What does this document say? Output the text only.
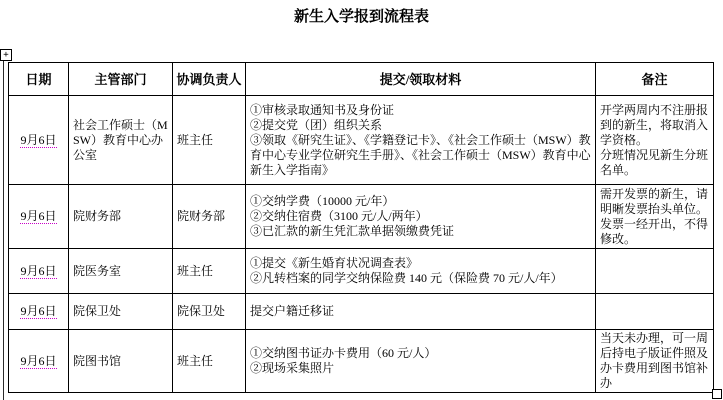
新生入学报到流程表
+
日期	主管部门	协调负责人	提交/领取材料	备注
9月6日	社会工作硕士（MSW）教育中心办公室	班主任	①审核录取通知书及身份证
②提交党（团）组织关系
③领取《研究生证》、《学籍登记卡》、《社会工作硕士（MSW）教育中心专业学位研究生手册》、《社会工作硕士（MSW）教育中心新生入学指南》	开学两周内不注册报到的新生，将取消入学资格。
分班情况见新生分班名单。

9月6日	院财务部	院财务部	①交纳学费（10000 元/年）
②交纳住宿费（3100 元/人/两年）
③已汇款的新生凭汇款单据领缴费凭证	需开发票的新生，请明晰发票抬头单位。发票一经开出，不得修改。

9月6日	院医务室	班主任	①提交《新生婚育状况调查表》
②凡转档案的同学交纳保险费 140 元（保险费 70 元/人/年）	

9月6日	院保卫处	院保卫处	提交户籍迁移证	

9月6日	院图书馆	班主任	①交纳图书证办卡费用（60 元/人）
②现场采集照片	当天未办理，可一周后持电子版证件照及办卡费用到图书馆补办
